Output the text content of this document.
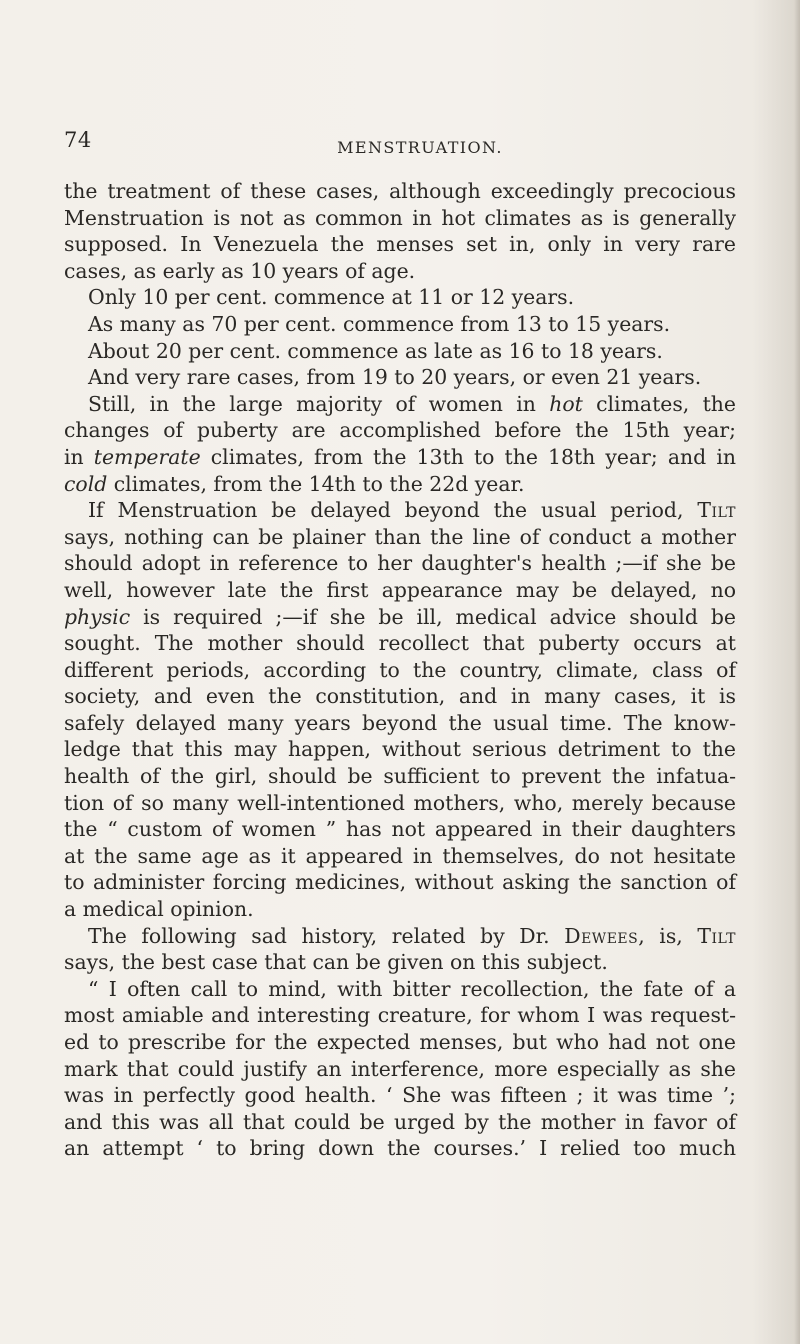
74	MENSTRUATION.
the treatment of these cases, although exceedingly precocious
Menstruation is not as common in hot climates as is generally
supposed. In Venezuela the menses set in, only in very rare
cases, as early as 10 years of age.
Only 10 per cent. commence at 11 or 12 years.
As many as 70 per cent. commence from 13 to 15 years.
About 20 per cent. commence as late as 16 to 18 years.
And very rare cases, from 19 to 20 years, or even 21 years.
Still, in the large majority of women in hot climates, the
changes of puberty are accomplished before the 15th year;
in temperate climates, from the 13th to the 18th year; and in
cold climates, from the 14th to the 22d year.
If Menstruation be delayed beyond the usual period, Tilt
says, nothing can be plainer than the line of conduct a mother
should adopt in reference to her daughter's health ;—if she be
well, however late the first appearance may be delayed, no
physic is required ;—if she be ill, medical advice should be
sought. The mother should recollect that puberty occurs at
different periods, according to the country, climate, class of
society, and even the constitution, and in many cases, it is
safely delayed many years beyond the usual time. The know-
ledge that this may happen, without serious detriment to the
health of the girl, should be sufficient to prevent the infatua-
tion of so many well-intentioned mothers, who, merely because
the “ custom of women ” has not appeared in their daughters
at the same age as it appeared in themselves, do not hesitate
to administer forcing medicines, without asking the sanction of
a medical opinion.
The following sad history, related by Dr. Dewees, is, Tilt
says, the best case that can be given on this subject.
“ I often call to mind, with bitter recollection, the fate of a
most amiable and interesting creature, for whom I was request-
ed to prescribe for the expected menses, but who had not one
mark that could justify an interference, more especially as she
was in perfectly good health. ‘ She was fifteen ; it was time ’;
and this was all that could be urged by the mother in favor of
an attempt ‘ to bring down the courses.’ I relied too much
